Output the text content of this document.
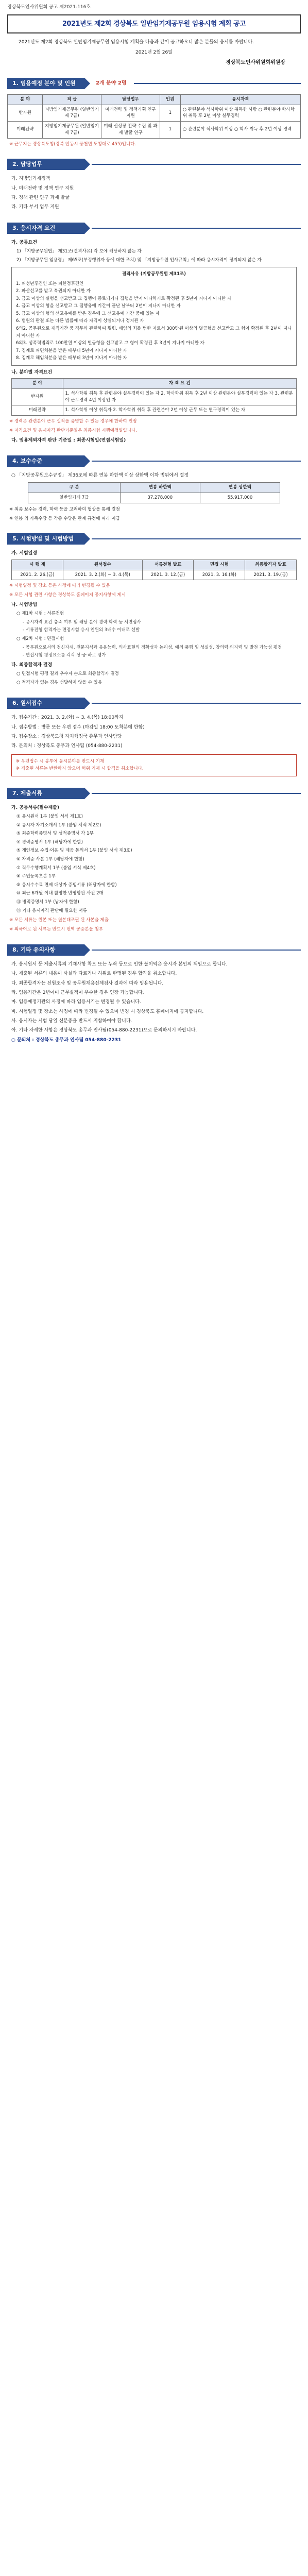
경상북도인사위원회 공고 제2021-116호
2021년도 제2회 경상북도 일반임기제공무원 임용시험 계획 공고
2021년도 제2회 경상북도 일반임기제공무원 임용시험 계획을 다음과 같이 공고하오니 많은 분들의 응시를 바랍니다.
2021년 2월 26일
경상북도인사위원회위원장
1. 임용예정 분야 및 인원	2개 분야 2명
분 야	직 급	담당업무	인원	응시자격
반자원	지방임기제공무원 (일반임기제 7급)	미래전략 및 정책기획 연구 지원	1	○ 관련분야 석사학위 이상 취득한 사람 ○ 관련분야 학사학위 취득 후 2년 이상 실무경력
미래전략	지방임기제공무원 (일반임기제 7급)	미래 신성장 전략 수립 및 과제 발굴 연구	1	○ 관련분야 석사학위 이상 ○ 학사 취득 후 2년 이상 경력
※ 근무지는 경상북도청(경북 안동시 풍천면 도청대로 455)입니다.
2. 담당업무
가. 지방임기제정책
나. 미래전략 및 정책 연구 지원
다. 정책 관련 연구 과제 발굴
라. 기타 부서 업무 지원
3. 응시자격 요건
가. 공통요건
1) 「지방공무원법」 제31조(결격사유) 각 호에 해당하지 않는 자
2) 「지방공무원 임용령」 제65조(부정행위자 등에 대한 조치) 및 「지방공무원 인사규칙」에 따라 응시자격이 정지되지 않은 자
결격사유 (지방공무원법 제31조)
1. 피성년후견인 또는 피한정후견인
2. 파산선고를 받고 복권되지 아니한 자
3. 금고 이상의 실형을 선고받고 그 집행이 종료되거나 집행을 받지 아니하기로 확정된 후 5년이 지나지 아니한 자
4. 금고 이상의 형을 선고받고 그 집행유예 기간이 끝난 날부터 2년이 지나지 아니한 자
5. 금고 이상의 형의 선고유예를 받은 경우에 그 선고유예 기간 중에 있는 자
6. 법원의 판결 또는 다른 법률에 따라 자격이 상실되거나 정지된 자
6의2. 공무원으로 재직기간 중 직무와 관련하여 횡령, 배임의 죄를 범한 자로서 300만원 이상의 벌금형을 선고받고 그 형이 확정된 후 2년이 지나지 아니한 자
6의3. 성폭력범죄로 100만원 이상의 벌금형을 선고받고 그 형이 확정된 후 3년이 지나지 아니한 자
7. 징계로 파면처분을 받은 때부터 5년이 지나지 아니한 자
8. 징계로 해임처분을 받은 때부터 3년이 지나지 아니한 자
나. 분야별 자격요건
분 야	자 격 요 건
반자원	1. 석사학위 취득 후 관련분야 실무경력이 있는 자 2. 학사학위 취득 후 2년 이상 관련분야 실무경력이 있는 자 3. 관련분야 근무경력 4년 이상인 자
미래전략	1. 석사학위 이상 취득자 2. 학사학위 취득 후 관련분야 2년 이상 근무 또는 연구경력이 있는 자
※ 경력은 관련분야 근무 실적을 증명할 수 있는 경우에 한하여 인정
※ 자격요건 및 응시자격 판단기준일은 최종시험 시행예정일입니다.
다. 임용제외자격 판단 기준일 : 최종시험일(면접시험일)
4. 보수수준
○ 「지방공무원보수규정」 제36조에 따른 연봉 하한액 이상 상한액 이하 범위에서 결정
구 분	연봉 하한액	연봉 상한액
일반임기제 7급	37,278,000	55,917,000
※ 최종 보수는 경력, 학력 등을 고려하여 협상을 통해 결정
※ 연봉 외 가족수당 등 각종 수당은 관계 규정에 따라 지급
5. 시험방법 및 시험방법
가. 시험일정
시 행 계	원서접수	서류전형 발표	면접 시험	최종합격자 발표
2021. 2. 26.(금)	2021. 3. 2.(화) ~ 3. 4.(목)	2021. 3. 12.(금)	2021. 3. 16.(화)	2021. 3. 19.(금)
※ 시험일정 및 장소 등은 사정에 따라 변경될 수 있음
※ 모든 시험 관련 사항은 경상북도 홈페이지 공지사항에 게시
나. 시험방법
○ 제1차 시험 : 서류전형
- 응시자격 요건 충족 여부 및 해당 분야 경력·학력 등 서면심사
- 서류전형 합격자는 면접시험 응시 인원의 3배수 이내로 선발
○ 제2차 시험 : 면접시험
- 공무원으로서의 정신자세, 전문지식과 응용능력, 의사표현의 정확성과 논리성, 예의·품행 및 성실성, 창의력·의지력 및 발전 가능성 평정
- 면접시험 평정요소를 각각 상·중·하로 평가
다. 최종합격자 결정
○ 면접시험 평정 결과 우수자 순으로 최종합격자 결정
○ 적격자가 없는 경우 선발하지 않을 수 있음
6. 원서접수
가. 접수기간 : 2021. 3. 2.(화) ~ 3. 4.(목) 18:00까지
나. 접수방법 : 방문 또는 우편 접수 (마감일 18:00 도착분에 한함)
다. 접수장소 : 경상북도청 자치행정국 총무과 인사담당
라. 문의처 : 경상북도 총무과 인사팀 (054-880-2231)
※ 우편접수 시 봉투에 응시분야를 반드시 기재
※ 제출된 서류는 반환하지 않으며 허위 기재 시 합격을 취소합니다.
7. 제출서류
가. 공통서류(필수제출)
① 응시원서 1부 (붙임 서식 제1호)
② 응시자 자기소개서 1부 (붙임 서식 제2호)
③ 최종학력증명서 및 성적증명서 각 1부
④ 경력증명서 1부 (해당자에 한함)
⑤ 개인정보 수집·이용 및 제공 동의서 1부 (붙임 서식 제3호)
⑥ 자격증 사본 1부 (해당자에 한함)
⑦ 직무수행계획서 1부 (붙임 서식 제4호)
⑧ 주민등록초본 1부
⑨ 응시수수료 면제 대상자 증빙서류 (해당자에 한함)
⑩ 최근 6개월 이내 촬영한 반명함판 사진 2매
⑪ 병적증명서 1부 (남자에 한함)
⑫ 기타 응시자격 판단에 필요한 서류
※ 모든 서류는 원본 또는 원본대조필 된 사본을 제출
※ 외국어로 된 서류는 반드시 번역 공증본을 첨부
8. 기타 유의사항
가. 응시원서 등 제출서류의 기재사항 착오 또는 누락 등으로 인한 불이익은 응시자 본인의 책임으로 합니다.
나. 제출된 서류의 내용이 사실과 다르거나 허위로 판명된 경우 합격을 취소합니다.
다. 최종합격자는 신원조사 및 공무원채용신체검사 결과에 따라 임용됩니다.
라. 임용기간은 2년이며 근무실적이 우수한 경우 연장 가능합니다.
마. 임용예정기관의 사정에 따라 임용시기는 변경될 수 있습니다.
바. 시험일정 및 장소는 사정에 따라 변경될 수 있으며 변경 시 경상북도 홈페이지에 공지합니다.
사. 응시자는 시험 당일 신분증을 반드시 지참하여야 합니다.
아. 기타 자세한 사항은 경상북도 총무과 인사팀(054-880-2231)으로 문의하시기 바랍니다.
○ 문의처 : 경상북도 총무과 인사팀 054-880-2231
